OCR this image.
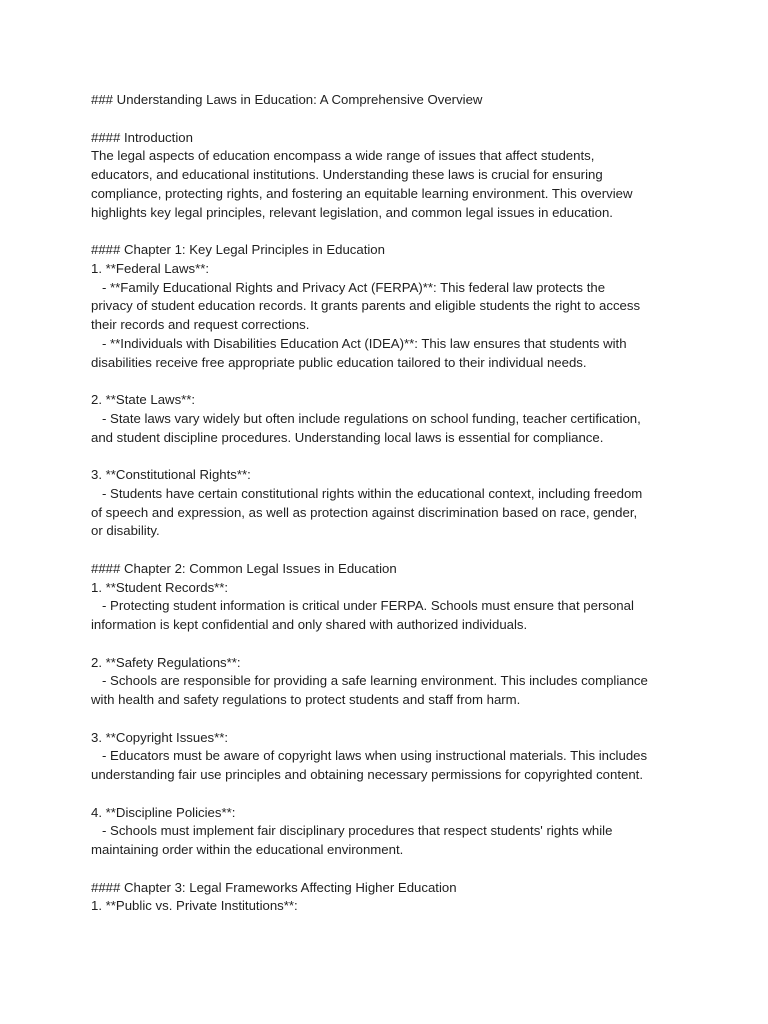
### Understanding Laws in Education: A Comprehensive Overview
#### Introduction
The legal aspects of education encompass a wide range of issues that affect students,
educators, and educational institutions. Understanding these laws is crucial for ensuring
compliance, protecting rights, and fostering an equitable learning environment. This overview
highlights key legal principles, relevant legislation, and common legal issues in education.
#### Chapter 1: Key Legal Principles in Education
1. **Federal Laws**:
- **Family Educational Rights and Privacy Act (FERPA)**: This federal law protects the
privacy of student education records. It grants parents and eligible students the right to access
their records and request corrections.
- **Individuals with Disabilities Education Act (IDEA)**: This law ensures that students with
disabilities receive free appropriate public education tailored to their individual needs.
2. **State Laws**:
- State laws vary widely but often include regulations on school funding, teacher certification,
and student discipline procedures. Understanding local laws is essential for compliance.
3. **Constitutional Rights**:
- Students have certain constitutional rights within the educational context, including freedom
of speech and expression, as well as protection against discrimination based on race, gender,
or disability.
#### Chapter 2: Common Legal Issues in Education
1. **Student Records**:
- Protecting student information is critical under FERPA. Schools must ensure that personal
information is kept confidential and only shared with authorized individuals.
2. **Safety Regulations**:
- Schools are responsible for providing a safe learning environment. This includes compliance
with health and safety regulations to protect students and staff from harm.
3. **Copyright Issues**:
- Educators must be aware of copyright laws when using instructional materials. This includes
understanding fair use principles and obtaining necessary permissions for copyrighted content.
4. **Discipline Policies**:
- Schools must implement fair disciplinary procedures that respect students' rights while
maintaining order within the educational environment.
#### Chapter 3: Legal Frameworks Affecting Higher Education
1. **Public vs. Private Institutions**:
